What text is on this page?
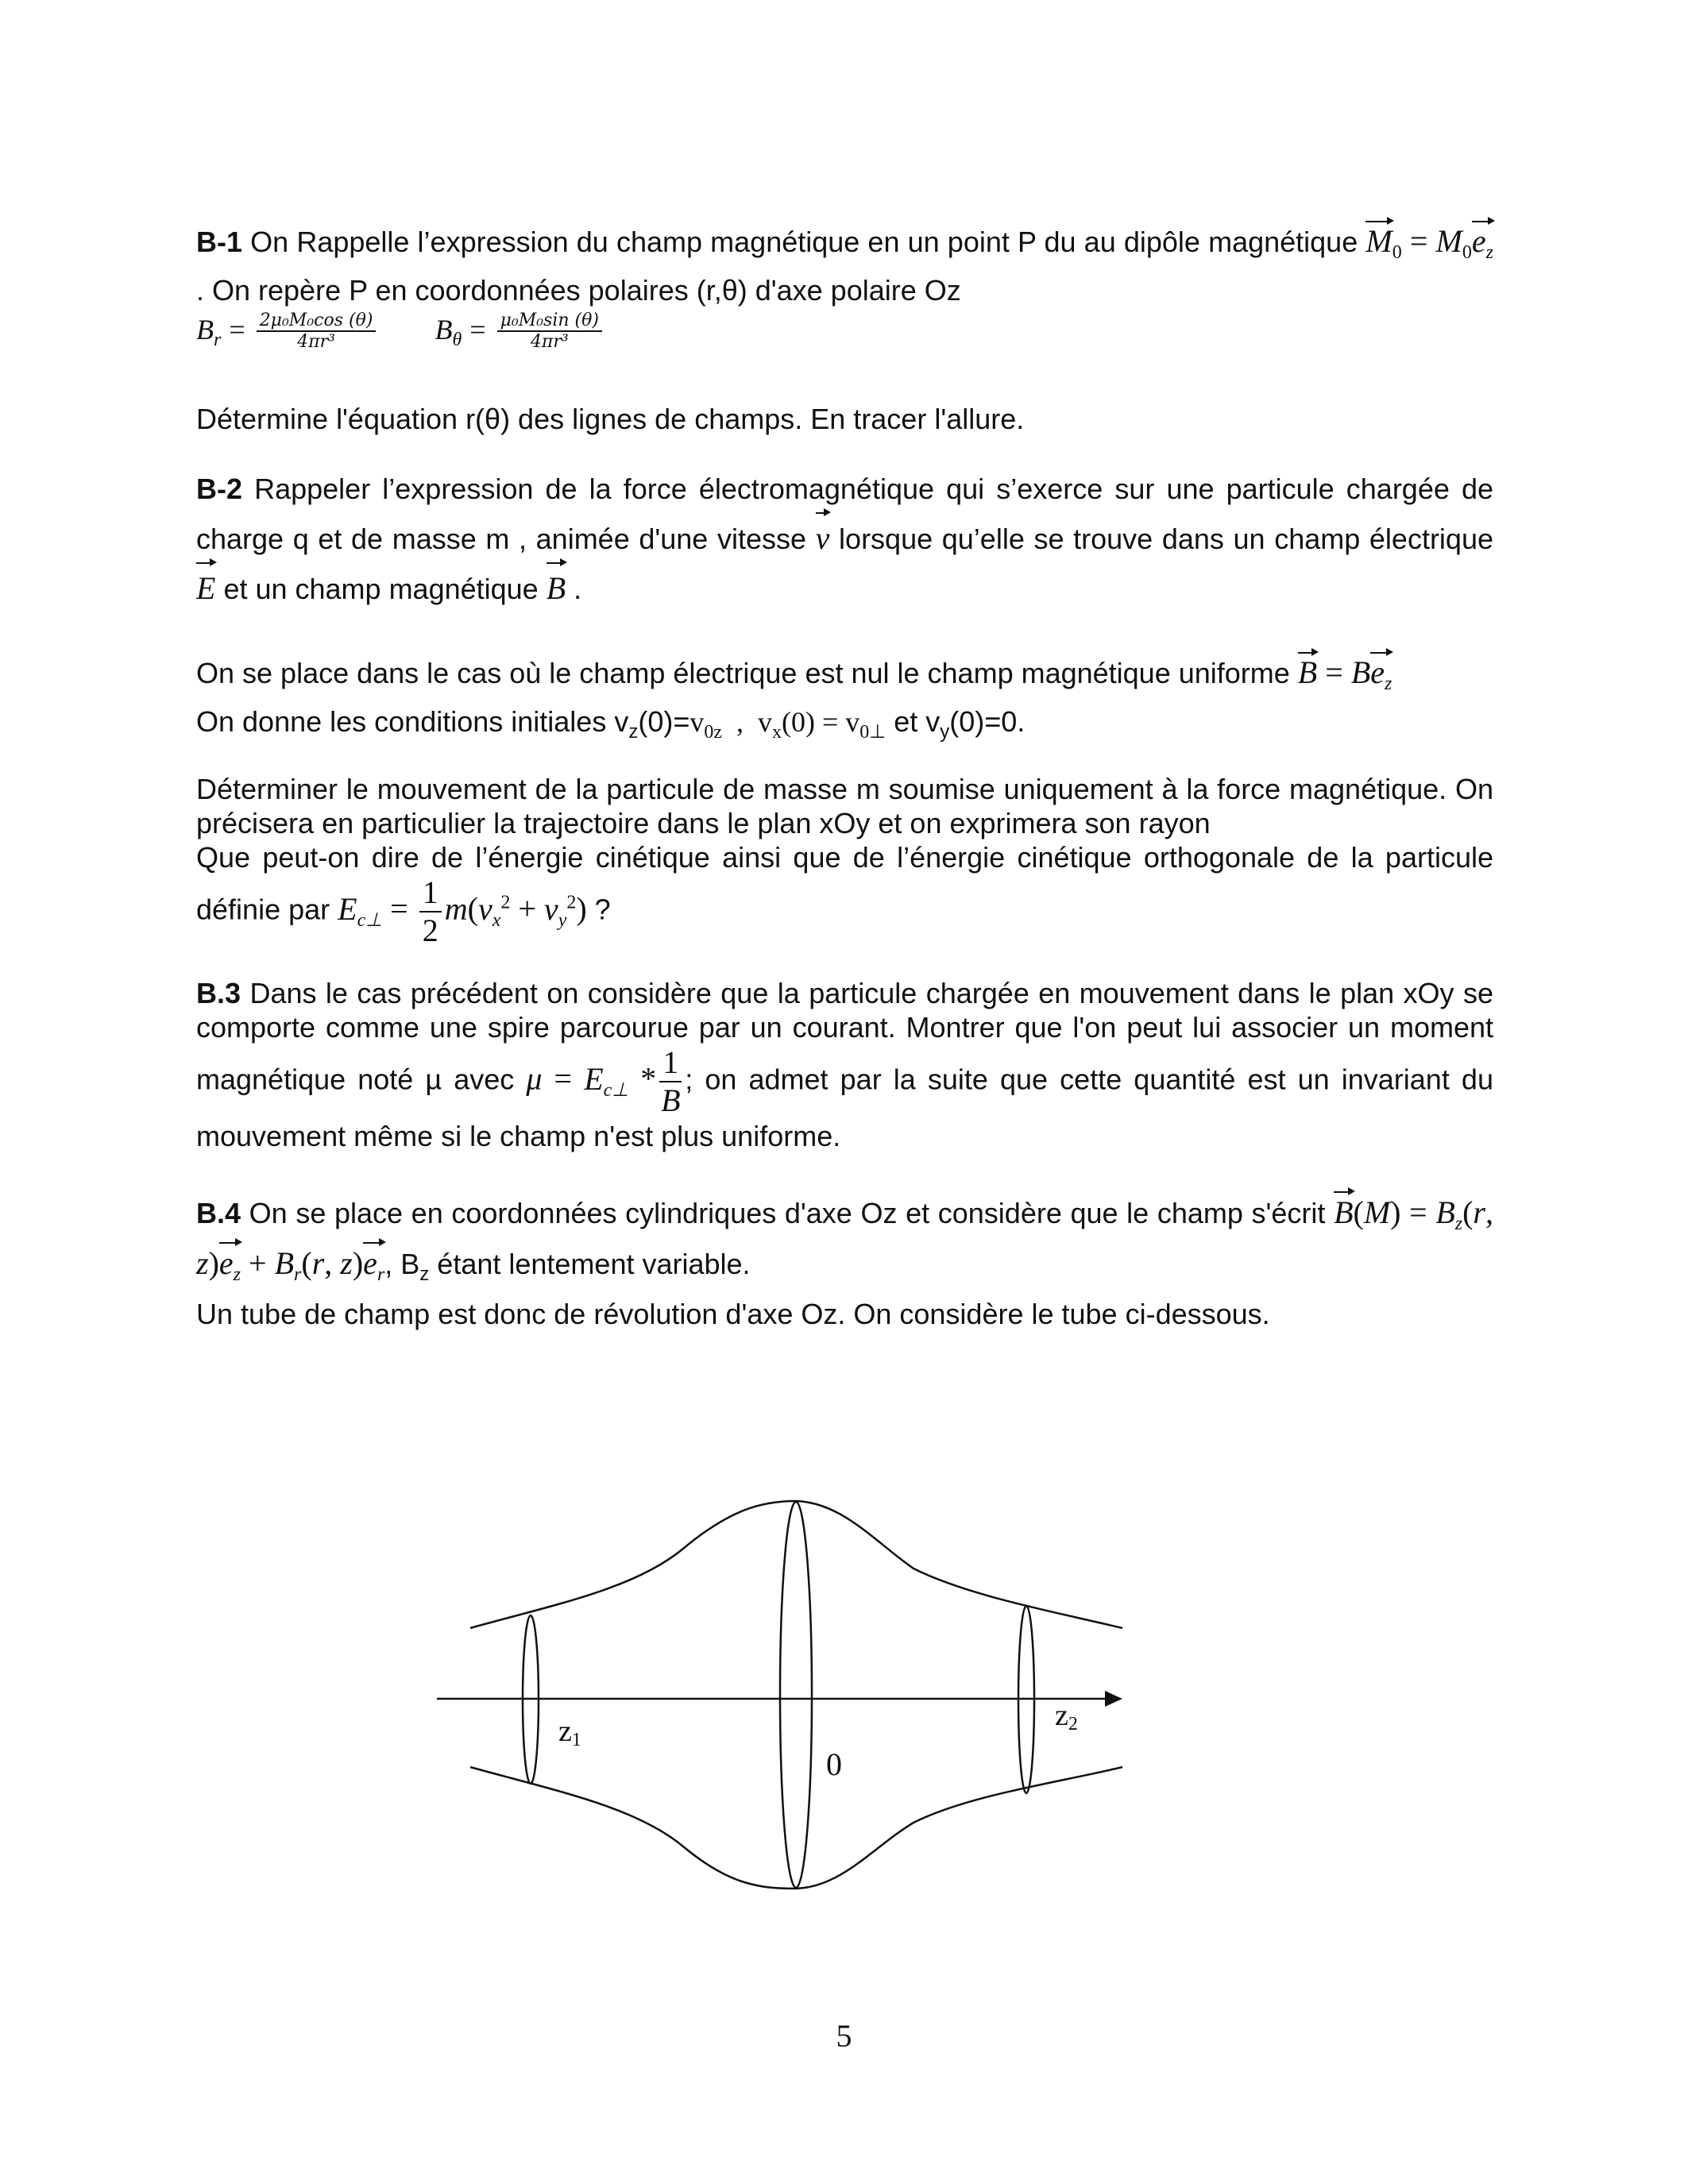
B-1 On Rappelle l’expression du champ magnétique en un point P du au dipôle magnétique $M_0 = M_0e_z$ . On repère P en coordonnées polaires (r,θ) d'axe polaire Oz

$B_r = \frac{\text{2μ₀M₀cos (θ)}}{\text{4πr³}} B_\theta = \frac{\text{μ₀M₀sin (θ)}}{\text{4πr³}}$

Détermine l'équation r(θ) des lignes de champs. En tracer l'allure.

B-2 Rappeler l’expression de la force électromagnétique qui s’exerce sur une particule chargée de charge q et de masse m , animée d'une vitesse v lorsque qu’elle se trouve dans un champ électrique E et un champ magnétique B .

On se place dans le cas où le champ électrique est nul le champ magnétique uniforme $B = Be_z$

On donne les conditions initiales $v_z(0)=v_{0z}$  ,  $v_x(0) = v_{0\perp}$ et $v_y(0)=0$.

Déterminer le mouvement de la particule de masse m soumise uniquement à la force magnétique. On précisera en particulier la trajectoire dans le plan xOy et on exprimera son rayon

Que peut-on dire de l’énergie cinétique ainsi que de l’énergie cinétique orthogonale de la particule définie par $E_{c\perp} = \frac{1}{2} m(v_x^2 + v_y^2)$ ?

B.3 Dans le cas précédent on considère que la particule chargée en mouvement dans le plan xOy se comporte comme une spire parcourue par un courant. Montrer que l'on peut lui associer un moment magnétique noté µ avec $\mu = E_{c\perp} * \frac{1}{B}$ ; on admet par la suite que cette quantité est un invariant du mouvement même si le champ n'est plus uniforme.

B.4 On se place en coordonnées cylindriques d'axe Oz et considère que le champ s'écrit $B(M) = B_z(r$, $z)e_z + B_r(r$, $z)e_r$, $B_z$ étant lentement variable.

Un tube de champ est donc de révolution d'axe Oz. On considère le tube ci-dessous.

z1
0
z2
5
